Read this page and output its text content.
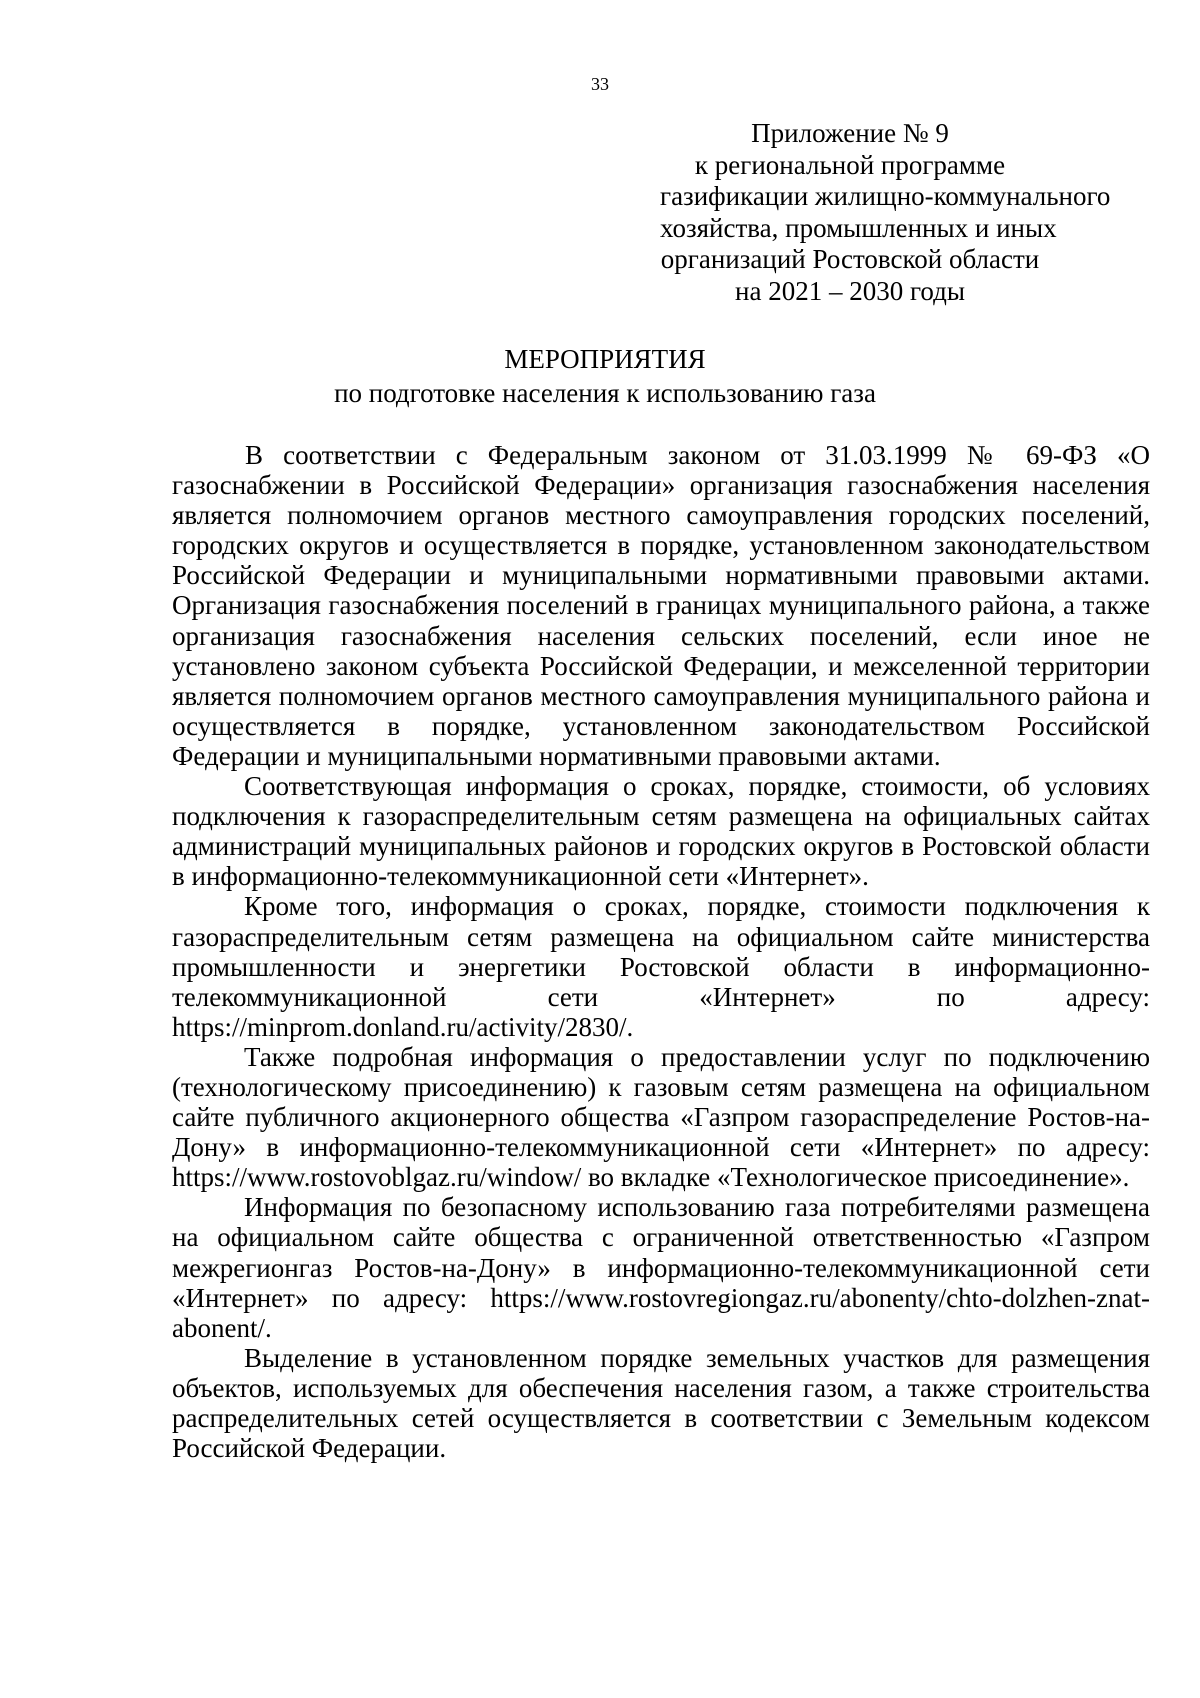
33
Приложение № 9
к региональной программе
газификации жилищно-коммунального
хозяйства, промышленных и иных
организаций Ростовской области
на 2021 – 2030 годы
МЕРОПРИЯТИЯ
по подготовке населения к использованию газа

В соответствии с Федеральным законом от 31.03.1999 № 69-ФЗ «О газоснабжении в Российской Федерации» организация газоснабжения населения является полномочием органов местного самоуправления городских поселений, городских округов и осуществляется в порядке, установленном законодательством Российской Федерации и муниципальными нормативными правовыми актами. Организация газоснабжения поселений в границах муниципального района, а также организация газоснабжения населения сельских поселений, если иное не установлено законом субъекта Российской Федерации, и межселенной территории является полномочием органов местного самоуправления муниципального района и осуществляется в порядке, установленном законодательством Российской Федерации и муниципальными нормативными правовыми актами.

Соответствующая информация о сроках, порядке, стоимости, об условиях подключения к газораспределительным сетям размещена на официальных сайтах администраций муниципальных районов и городских округов в Ростовской области в информационно-телекоммуникационной сети «Интернет».

Кроме того, информация о сроках, порядке, стоимости подключения к газораспределительным сетям размещена на официальном сайте министерства промышленности и энергетики Ростовской области в информационно-телекоммуникационной сети «Интернет» по адресу: https://minprom.donland.ru/activity/2830/.

Также подробная информация о предоставлении услуг по подключению (технологическому присоединению) к газовым сетям размещена на официальном сайте публичного акционерного общества «Газпром газораспределение Ростов-на-Дону» в информационно-телекоммуникационной сети «Интернет» по адресу: https://www.rostovoblgaz.ru/window/ во вкладке «Технологическое присоединение».

Информация по безопасному использованию газа потребителями размещена на официальном сайте общества с ограниченной ответственностью «Газпром межрегионгаз Ростов-на-Дону» в информационно-телекоммуникационной сети «Интернет» по адресу: https://www.rostovregiongaz.ru/abonenty/chto-dolzhen-znat-abonent/.

Выделение в установленном порядке земельных участков для размещения объектов, используемых для обеспечения населения газом, а также строительства распределительных сетей осуществляется в соответствии с Земельным кодексом Российской Федерации.
